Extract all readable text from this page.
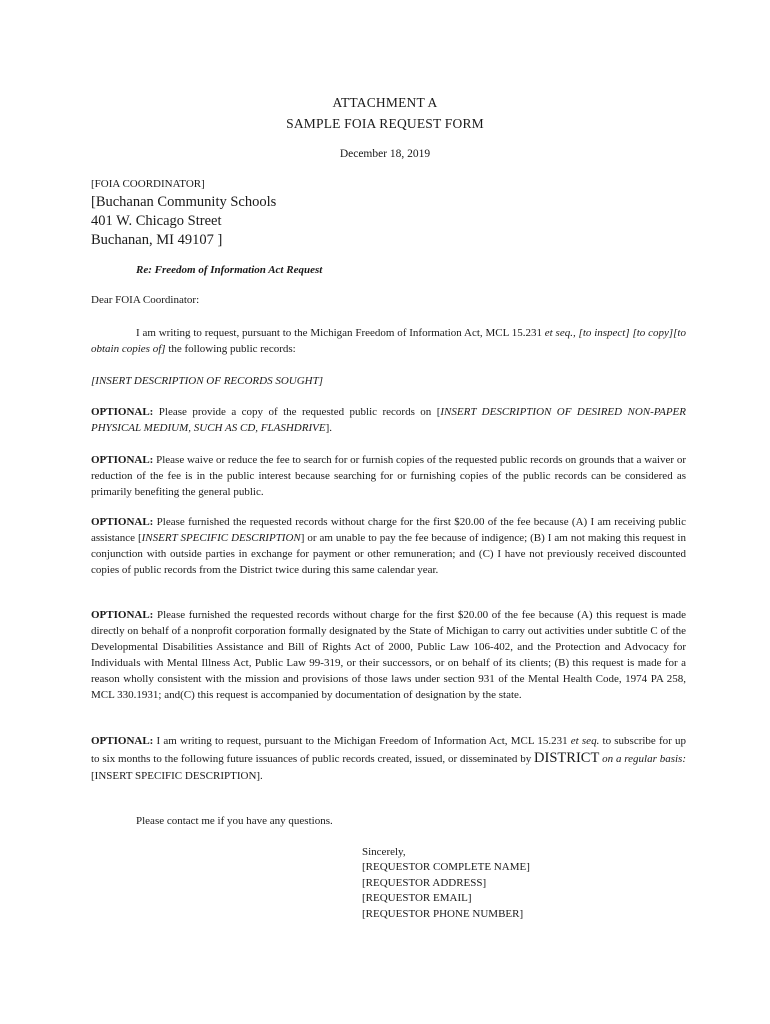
ATTACHMENT A
SAMPLE FOIA REQUEST FORM
December 18, 2019
[FOIA COORDINATOR]
[Buchanan Community Schools
401 W. Chicago Street
Buchanan, MI 49107 ]
Re: Freedom of Information Act Request
Dear FOIA Coordinator:
I am writing to request, pursuant to the Michigan Freedom of Information Act, MCL 15.231 et seq., [to inspect] [to copy][to obtain copies of] the following public records:
[INSERT DESCRIPTION OF RECORDS SOUGHT]
OPTIONAL: Please provide a copy of the requested public records on [INSERT DESCRIPTION OF DESIRED NON-PAPER PHYSICAL MEDIUM, SUCH AS CD, FLASHDRIVE].
OPTIONAL: Please waive or reduce the fee to search for or furnish copies of the requested public records on grounds that a waiver or reduction of the fee is in the public interest because searching for or furnishing copies of the public records can be considered as primarily benefiting the general public.
OPTIONAL: Please furnished the requested records without charge for the first $20.00 of the fee because (A) I am receiving public assistance [INSERT SPECIFIC DESCRIPTION] or am unable to pay the fee because of indigence; (B) I am not making this request in conjunction with outside parties in exchange for payment or other remuneration; and (C) I have not previously received discounted copies of public records from the District twice during this same calendar year.
OPTIONAL: Please furnished the requested records without charge for the first $20.00 of the fee because (A) this request is made directly on behalf of a nonprofit corporation formally designated by the State of Michigan to carry out activities under subtitle C of the Developmental Disabilities Assistance and Bill of Rights Act of 2000, Public Law 106-402, and the Protection and Advocacy for Individuals with Mental Illness Act, Public Law 99-319, or their successors, or on behalf of its clients; (B) this request is made for a reason wholly consistent with the mission and provisions of those laws under section 931 of the Mental Health Code, 1974 PA 258, MCL 330.1931; and(C) this request is accompanied by documentation of designation by the state.
OPTIONAL: I am writing to request, pursuant to the Michigan Freedom of Information Act, MCL 15.231 et seq. to subscribe for up to six months to the following future issuances of public records created, issued, or disseminated by DISTRICT on a regular basis: [INSERT SPECIFIC DESCRIPTION].
Please contact me if you have any questions.
Sincerely,
[REQUESTOR COMPLETE NAME]
[REQUESTOR ADDRESS]
[REQUESTOR EMAIL]
[REQUESTOR PHONE NUMBER]
